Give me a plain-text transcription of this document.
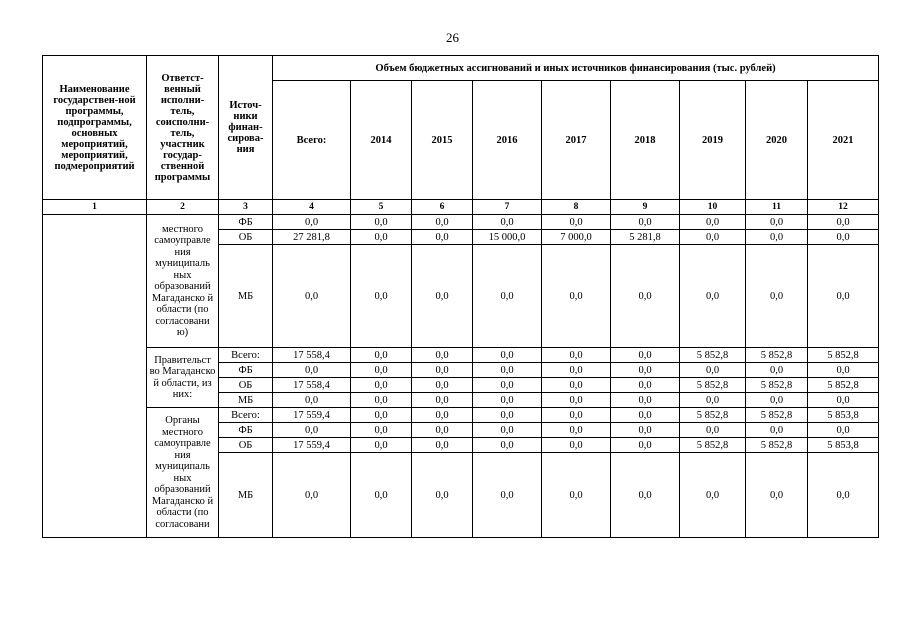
26
Наименование государствен-ной программы, подпрограммы, основных мероприятий, мероприятий, подмероприятий	Ответст-венный исполни-тель, соисполни-тель, участник государ-ственной программы	Источ-ники финан-сирова-ния	Объем бюджетных ассигнований и иных источников финансирования (тыс. рублей)								
			Всего:	2014	2015	2016	2017	2018	2019	2020	2021
1	2	3	4	5	6	7	8	9	10	11	12
	местного самоуправле ния муниципаль ных образований Магаданско й области (по согласовани ю)	ФБ	0,0	0,0	0,0	0,0	0,0	0,0	0,0	0,0	0,0
		ОБ	27 281,8	0,0	0,0	15 000,0	7 000,0	5 281,8	0,0	0,0	0,0
		МБ	0,0	0,0	0,0	0,0	0,0	0,0	0,0	0,0	0,0
	Правительст во Магаданско й области, из них:	Всего:	17 558,4	0,0	0,0	0,0	0,0	0,0	5 852,8	5 852,8	5 852,8
		ФБ	0,0	0,0	0,0	0,0	0,0	0,0	0,0	0,0	0,0
		ОБ	17 558,4	0,0	0,0	0,0	0,0	0,0	5 852,8	5 852,8	5 852,8
		МБ	0,0	0,0	0,0	0,0	0,0	0,0	0,0	0,0	0,0
	Органы местного самоуправле ния муниципаль ных образований Магаданско й области (по согласовани	Всего:	17 559,4	0,0	0,0	0,0	0,0	0,0	5 852,8	5 852,8	5 853,8
		ФБ	0,0	0,0	0,0	0,0	0,0	0,0	0,0	0,0	0,0
		ОБ	17 559,4	0,0	0,0	0,0	0,0	0,0	5 852,8	5 852,8	5 853,8
		МБ	0,0	0,0	0,0	0,0	0,0	0,0	0,0	0,0	0,0
